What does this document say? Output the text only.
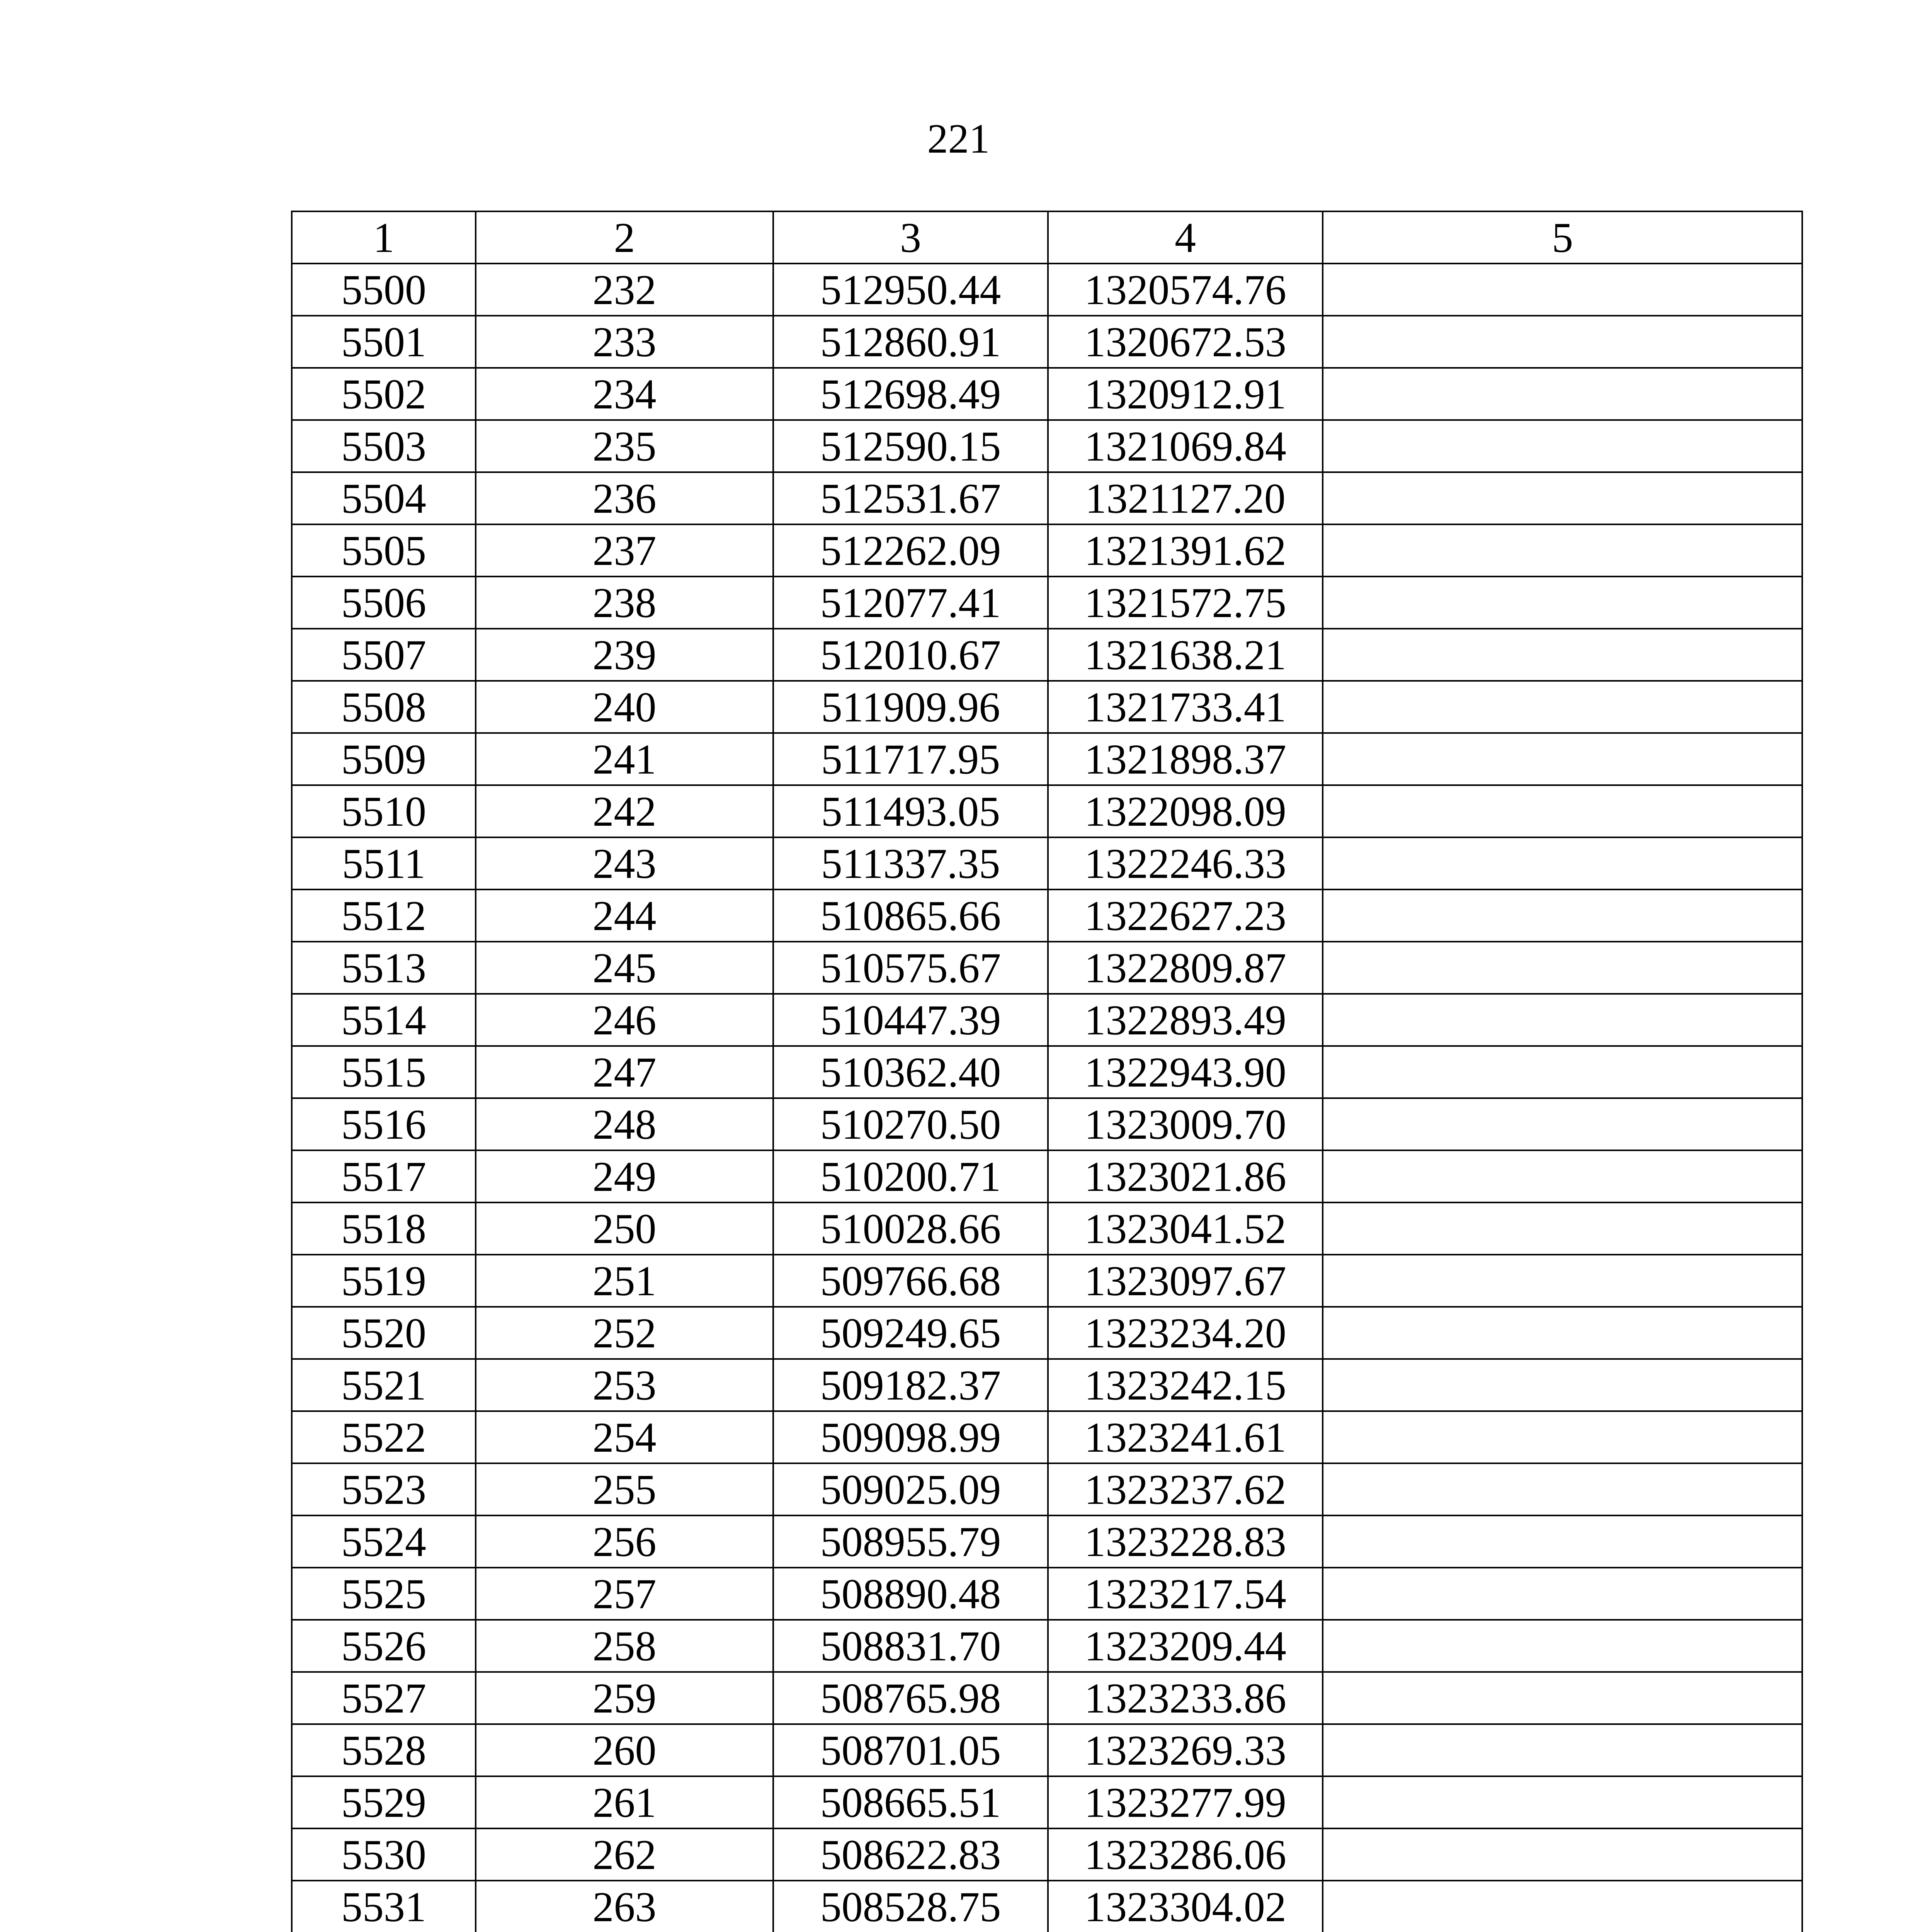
221
1	2	3	4	5
5500	232	512950.44	1320574.76	
5501	233	512860.91	1320672.53	
5502	234	512698.49	1320912.91	
5503	235	512590.15	1321069.84	
5504	236	512531.67	1321127.20	
5505	237	512262.09	1321391.62	
5506	238	512077.41	1321572.75	
5507	239	512010.67	1321638.21	
5508	240	511909.96	1321733.41	
5509	241	511717.95	1321898.37	
5510	242	511493.05	1322098.09	
5511	243	511337.35	1322246.33	
5512	244	510865.66	1322627.23	
5513	245	510575.67	1322809.87	
5514	246	510447.39	1322893.49	
5515	247	510362.40	1322943.90	
5516	248	510270.50	1323009.70	
5517	249	510200.71	1323021.86	
5518	250	510028.66	1323041.52	
5519	251	509766.68	1323097.67	
5520	252	509249.65	1323234.20	
5521	253	509182.37	1323242.15	
5522	254	509098.99	1323241.61	
5523	255	509025.09	1323237.62	
5524	256	508955.79	1323228.83	
5525	257	508890.48	1323217.54	
5526	258	508831.70	1323209.44	
5527	259	508765.98	1323233.86	
5528	260	508701.05	1323269.33	
5529	261	508665.51	1323277.99	
5530	262	508622.83	1323286.06	
5531	263	508528.75	1323304.02	
